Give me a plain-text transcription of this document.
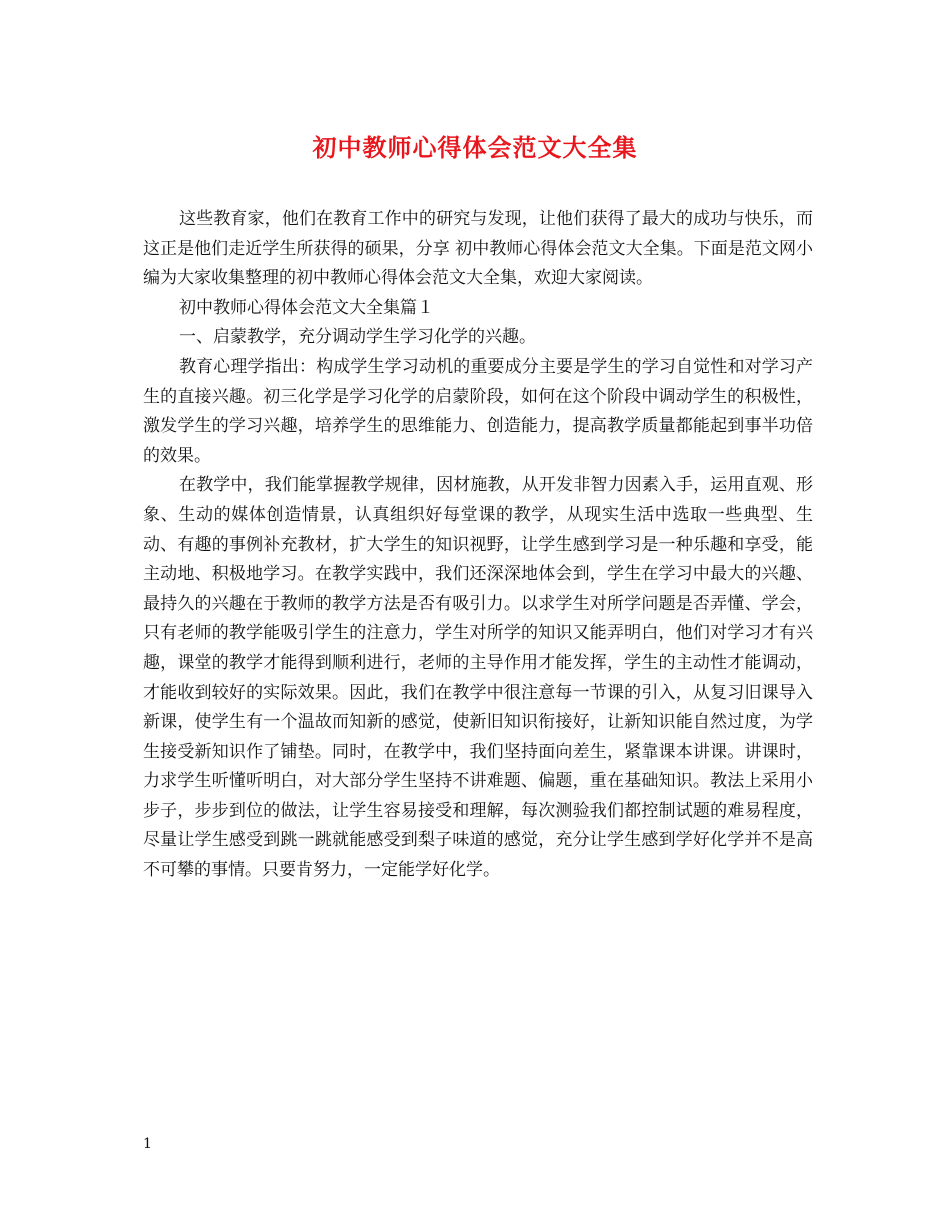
初中教师心得体会范文大全集

这些教育家，他们在教育工作中的研究与发现，让他们获得了最大的成功与快乐，而这正是他们走近学生所获得的硕果，分享 初中教师心得体会范文大全集。下面是范文网小编为大家收集整理的初中教师心得体会范文大全集，欢迎大家阅读。

初中教师心得体会范文大全集篇１

一、启蒙教学，充分调动学生学习化学的兴趣。

教育心理学指出：构成学生学习动机的重要成分主要是学生的学习自觉性和对学习产生的直接兴趣。初三化学是学习化学的启蒙阶段，如何在这个阶段中调动学生的积极性，激发学生的学习兴趣，培养学生的思维能力、创造能力，提高教学质量都能起到事半功倍的效果。

在教学中，我们能掌握教学规律，因材施教，从开发非智力因素入手，运用直观、形象、生动的媒体创造情景，认真组织好每堂课的教学，从现实生活中选取一些典型、生动、有趣的事例补充教材，扩大学生的知识视野，让学生感到学习是一种乐趣和享受，能主动地、积极地学习。在教学实践中，我们还深深地体会到，学生在学习中最大的兴趣、最持久的兴趣在于教师的教学方法是否有吸引力。以求学生对所学问题是否弄懂、学会，只有老师的教学能吸引学生的注意力，学生对所学的知识又能弄明白，他们对学习才有兴趣，课堂的教学才能得到顺利进行，老师的主导作用才能发挥，学生的主动性才能调动，才能收到较好的实际效果。因此，我们在教学中很注意每一节课的引入，从复习旧课导入新课，使学生有一个温故而知新的感觉，使新旧知识衔接好，让新知识能自然过度，为学生接受新知识作了铺垫。同时，在教学中，我们坚持面向差生，紧靠课本讲课。讲课时，力求学生听懂听明白，对大部分学生坚持不讲难题、偏题，重在基础知识。教法上采用小步子，步步到位的做法，让学生容易接受和理解，每次测验我们都控制试题的难易程度，尽量让学生感受到跳一跳就能感受到梨子味道的感觉，充分让学生感到学好化学并不是高不可攀的事情。只要肯努力，一定能学好化学。

1
